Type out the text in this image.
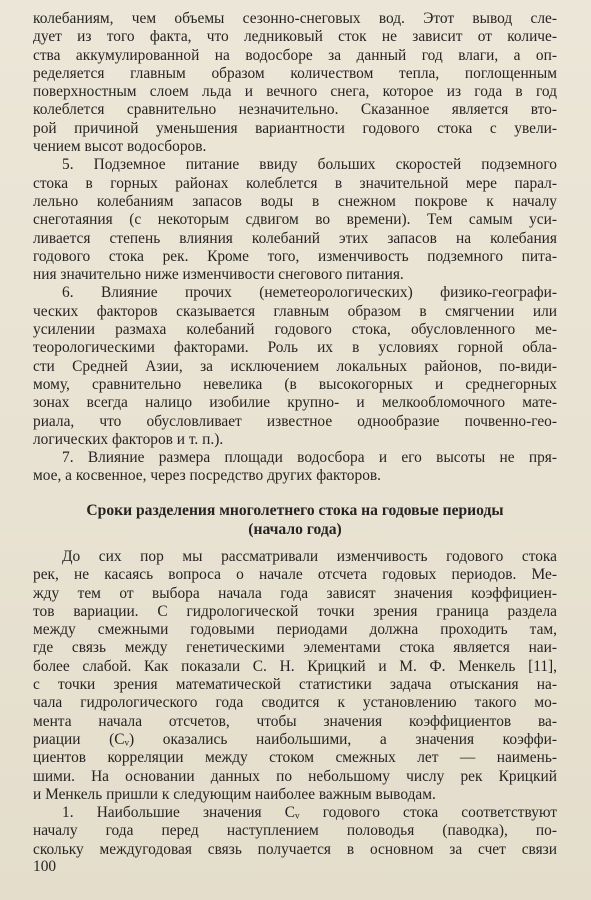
колебаниям, чем объемы сезонно-снеговых вод. Этот вывод сле-
дует из того факта, что ледниковый сток не зависит от количе-
ства аккумулированной на водосборе за данный год влаги, а оп-
ределяется главным образом количеством тепла, поглощенным
поверхностным слоем льда и вечного снега, которое из года в год
колеблется сравнительно незначительно. Сказанное является вто-
рой причиной уменьшения вариантности годового стока с увели-
чением высот водосборов.
5. Подземное питание ввиду больших скоростей подземного
стока в горных районах колеблется в значительной мере парал-
лельно колебаниям запасов воды в снежном покрове к началу
снеготаяния (с некоторым сдвигом во времени). Тем самым уси-
ливается степень влияния колебаний этих запасов на колебания
годового стока рек. Кроме того, изменчивость подземного пита-
ния значительно ниже изменчивости снегового питания.
6. Влияние прочих (неметеорологических) физико-географи-
ческих факторов сказывается главным образом в смягчении или
усилении размаха колебаний годового стока, обусловленного ме-
теорологическими факторами. Роль их в условиях горной обла-
сти Средней Азии, за исключением локальных районов, по-види-
мому, сравнительно невелика (в высокогорных и среднегорных
зонах всегда налицо изобилие крупно- и мелкообломочного мате-
риала, что обусловливает известное однообразие почвенно-гео-
логических факторов и т. п.).
7. Влияние размера площади водосбора и его высоты не пря-
мое, а косвенное, через посредство других факторов.
Сроки разделения многолетнего стока на годовые периоды
(начало года)
До сих пор мы рассматривали изменчивость годового стока
рек, не касаясь вопроса о начале отсчета годовых периодов. Ме-
жду тем от выбора начала года зависят значения коэффициен-
тов вариации. С гидрологической точки зрения граница раздела
между смежными годовыми периодами должна проходить там,
где связь между генетическими элементами стока является наи-
более слабой. Как показали С. Н. Крицкий и М. Ф. Менкель [11],
с точки зрения математической статистики задача отыскания на-
чала гидрологического года сводится к установлению такого мо-
мента начала отсчетов, чтобы значения коэффициентов ва-
риации (Cᵥ) оказались наибольшими, а значения коэффи-
циентов корреляции между стоком смежных лет — наимень-
шими. На основании данных по небольшому числу рек Крицкий
и Менкель пришли к следующим наиболее важным выводам.
1. Наибольшие значения Cᵥ годового стока соответствуют
началу года перед наступлением половодья (паводка), по-
скольку междугодовая связь получается в основном за счет связи
100
